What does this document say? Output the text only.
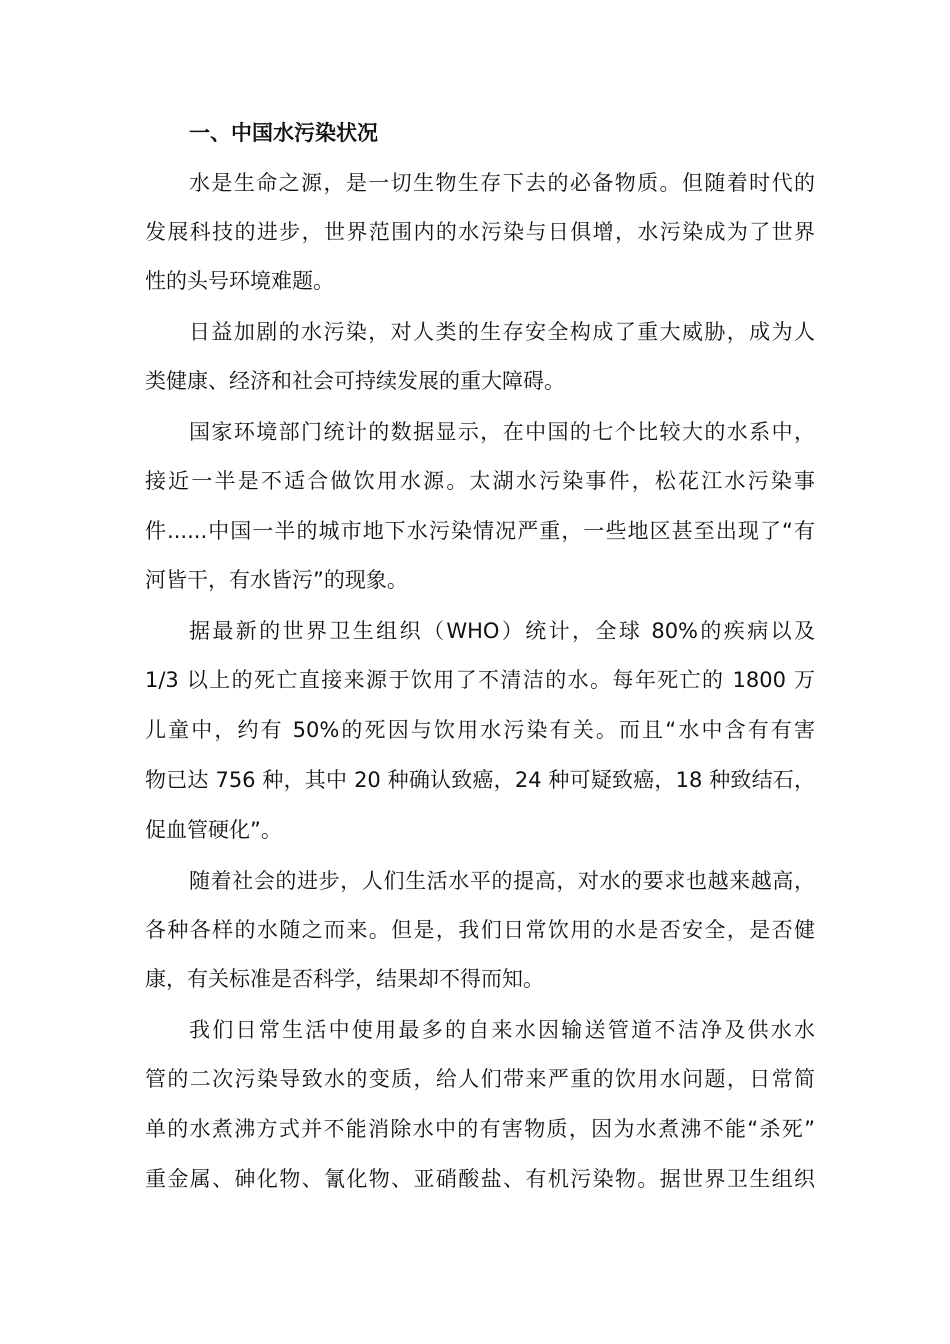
一、中国水污染状况
水是生命之源，是一切生物生存下去的必备物质。但随着时代的
发展科技的进步，世界范围内的水污染与日俱增，水污染成为了世界
性的头号环境难题。
日益加剧的水污染，对人类的生存安全构成了重大威胁，成为人
类健康、经济和社会可持续发展的重大障碍。
国家环境部门统计的数据显示，在中国的七个比较大的水系中，
接近一半是不适合做饮用水源。太湖水污染事件，松花江水污染事
件......中国一半的城市地下水污染情况严重，一些地区甚至出现了“有
河皆干，有水皆污”的现象。
据最新的世界卫生组织（WHO）统计，全球 80%的疾病以及
1/3 以上的死亡直接来源于饮用了不清洁的水。每年死亡的 1800 万
儿童中，约有 50%的死因与饮用水污染有关。而且“水中含有有害
物已达 756 种，其中 20 种确认致癌，24 种可疑致癌，18 种致结石，
促血管硬化”。
随着社会的进步，人们生活水平的提高，对水的要求也越来越高，
各种各样的水随之而来。但是，我们日常饮用的水是否安全，是否健
康，有关标准是否科学，结果却不得而知。
我们日常生活中使用最多的自来水因输送管道不洁净及供水水
管的二次污染导致水的变质，给人们带来严重的饮用水问题，日常简
单的水煮沸方式并不能消除水中的有害物质，因为水煮沸不能“杀死”
重金属、砷化物、氰化物、亚硝酸盐、有机污染物。据世界卫生组织
